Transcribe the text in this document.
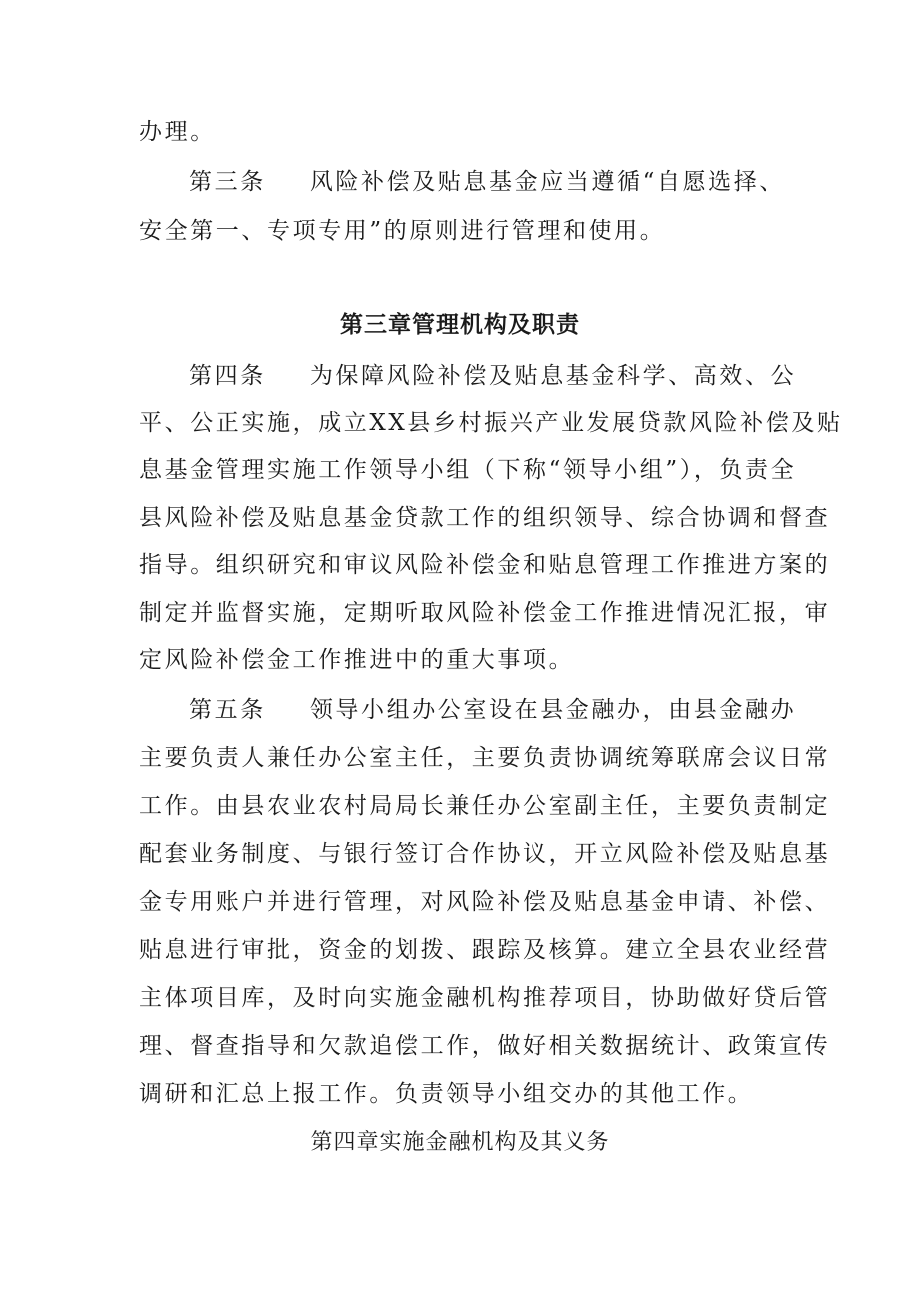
办理。
第三条 风险补偿及贴息基金应当遵循“自愿选择、
安全第一、专项专用”的原则进行管理和使用。
第三章管理机构及职责
第四条 为保障风险补偿及贴息基金科学、高效、公
平、公正实施，成立XX县乡村振兴产业发展贷款风险补偿及贴
息基金管理实施工作领导小组（下称“领导小组”），负责全
县风险补偿及贴息基金贷款工作的组织领导、综合协调和督查
指导。组织研究和审议风险补偿金和贴息管理工作推进方案的
制定并监督实施，定期听取风险补偿金工作推进情况汇报，审
定风险补偿金工作推进中的重大事项。
第五条 领导小组办公室设在县金融办，由县金融办
主要负责人兼任办公室主任，主要负责协调统筹联席会议日常
工作。由县农业农村局局长兼任办公室副主任，主要负责制定
配套业务制度、与银行签订合作协议，开立风险补偿及贴息基
金专用账户并进行管理，对风险补偿及贴息基金申请、补偿、
贴息进行审批，资金的划拨、跟踪及核算。建立全县农业经营
主体项目库，及时向实施金融机构推荐项目，协助做好贷后管
理、督查指导和欠款追偿工作，做好相关数据统计、政策宣传
调研和汇总上报工作。负责领导小组交办的其他工作。
第四章实施金融机构及其义务
